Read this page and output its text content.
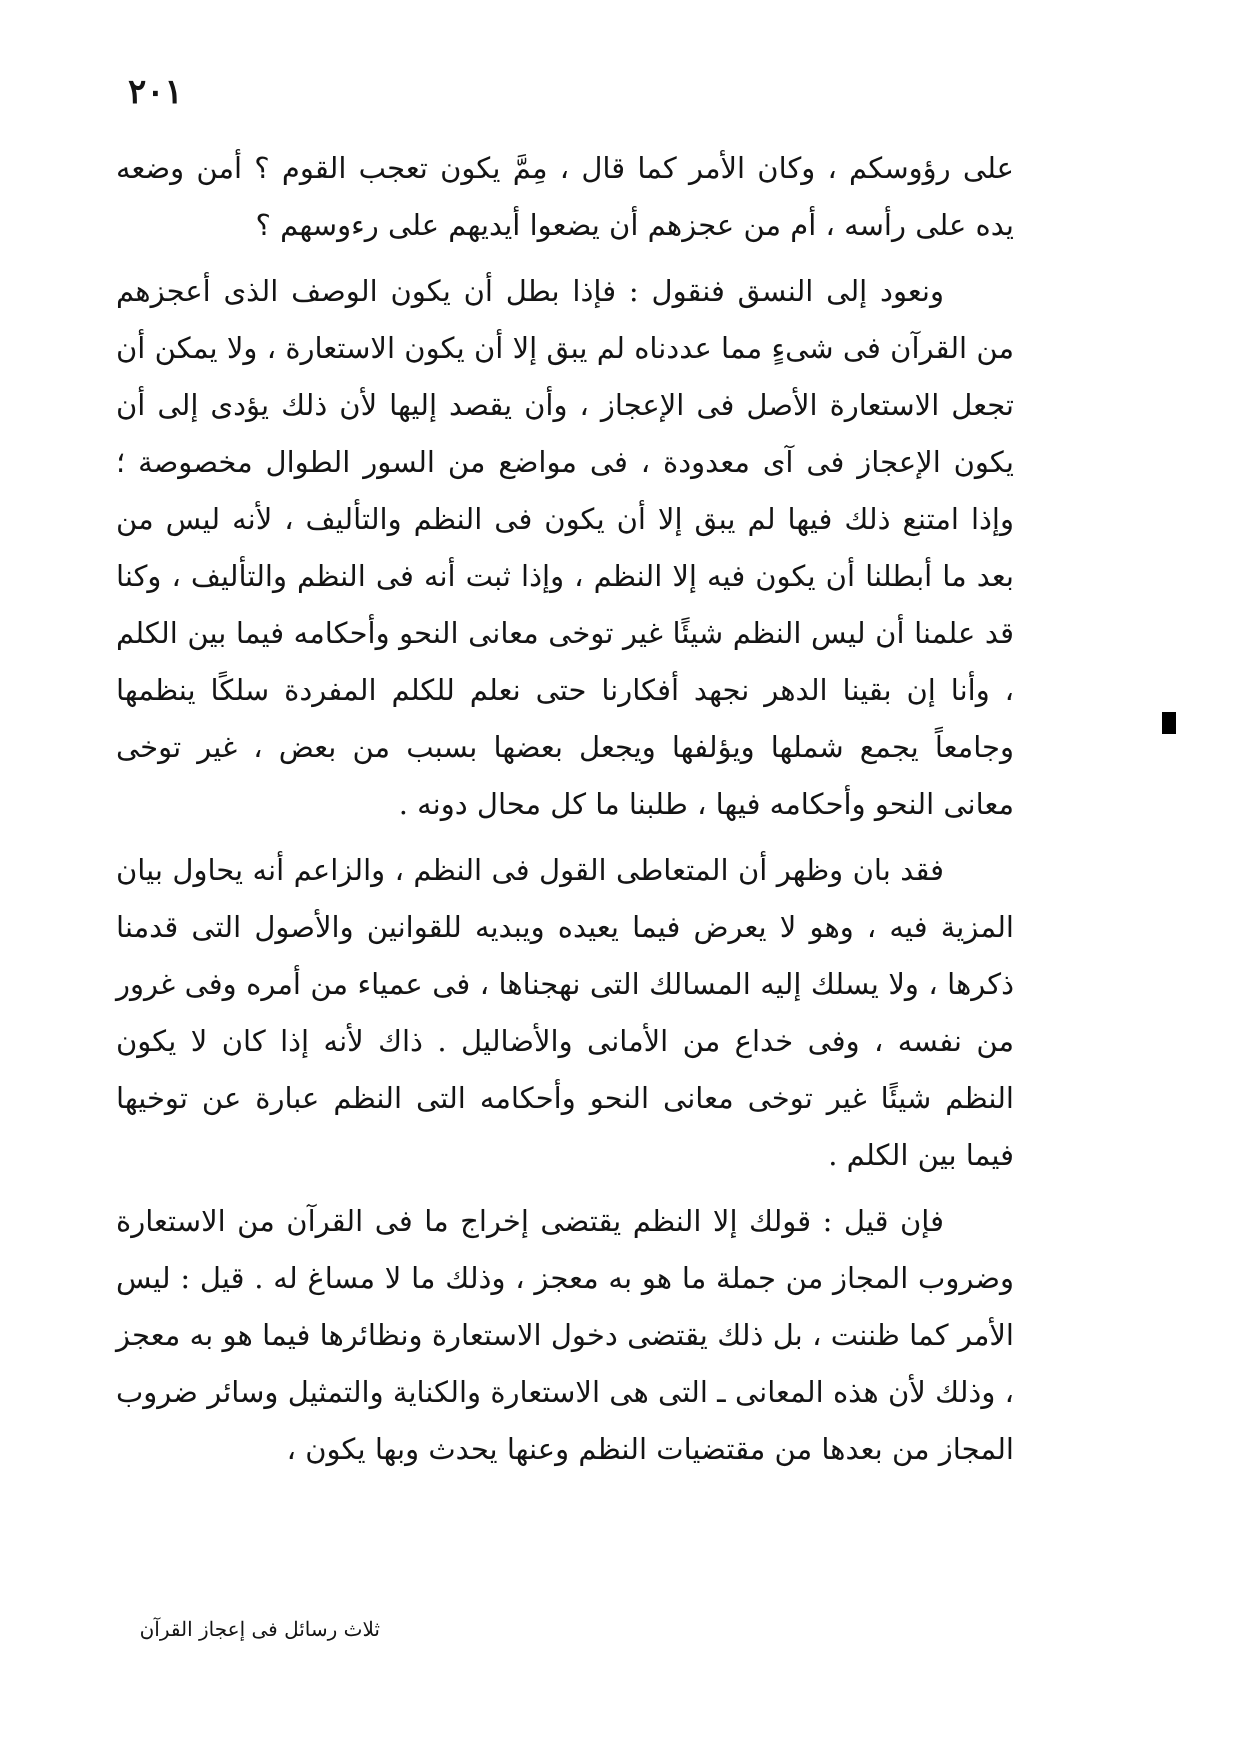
٢٠١

على رؤوسكم ، وكان الأمر كما قال ، مِمَّ يكون تعجب القوم ؟ أمن وضعه يده على رأسه ، أم من عجزهم أن يضعوا أيديهم على رءوسهم ؟

ونعود إلى النسق فنقول : فإذا بطل أن يكون الوصف الذى أعجزهم من القرآن فى شىءٍ مما عددناه لم يبق إلا أن يكون الاستعارة ، ولا يمكن أن تجعل الاستعارة الأصل فى الإعجاز ، وأن يقصد إليها لأن ذلك يؤدى إلى أن يكون الإعجاز فى آى معدودة ، فى مواضع من السور الطوال مخصوصة ؛ وإذا امتنع ذلك فيها لم يبق إلا أن يكون فى النظم والتأليف ، لأنه ليس من بعد ما أبطلنا أن يكون فيه إلا النظم ، وإذا ثبت أنه فى النظم والتأليف ، وكنا قد علمنا أن ليس النظم شيئًا غير توخى معانى النحو وأحكامه فيما بين الكلم ، وأنا إن بقينا الدهر نجهد أفكارنا حتى نعلم للكلم المفردة سلكًا ينظمها وجامعاً يجمع شملها ويؤلفها ويجعل بعضها بسبب من بعض ، غير توخى معانى النحو وأحكامه فيها ، طلبنا ما كل محال دونه .

فقد بان وظهر أن المتعاطى القول فى النظم ، والزاعم أنه يحاول بيان المزية فيه ، وهو لا يعرض فيما يعيده ويبديه للقوانين والأصول التى قدمنا ذكرها ، ولا يسلك إليه المسالك التى نهجناها ، فى عمياء من أمره وفى غرور من نفسه ، وفى خداع من الأمانى والأضاليل . ذاك لأنه إذا كان لا يكون النظم شيئًا غير توخى معانى النحو وأحكامه التى النظم عبارة عن توخيها فيما بين الكلم .

فإن قيل : قولك إلا النظم يقتضى إخراج ما فى القرآن من الاستعارة وضروب المجاز من جملة ما هو به معجز ، وذلك ما لا مساغ له . قيل : ليس الأمر كما ظننت ، بل ذلك يقتضى دخول الاستعارة ونظائرها فيما هو به معجز ، وذلك لأن هذه المعانى ـ التى هى الاستعارة والكناية والتمثيل وسائر ضروب المجاز من بعدها من مقتضيات النظم وعنها يحدث وبها يكون ،

ثلاث رسائل فى إعجاز القرآن
